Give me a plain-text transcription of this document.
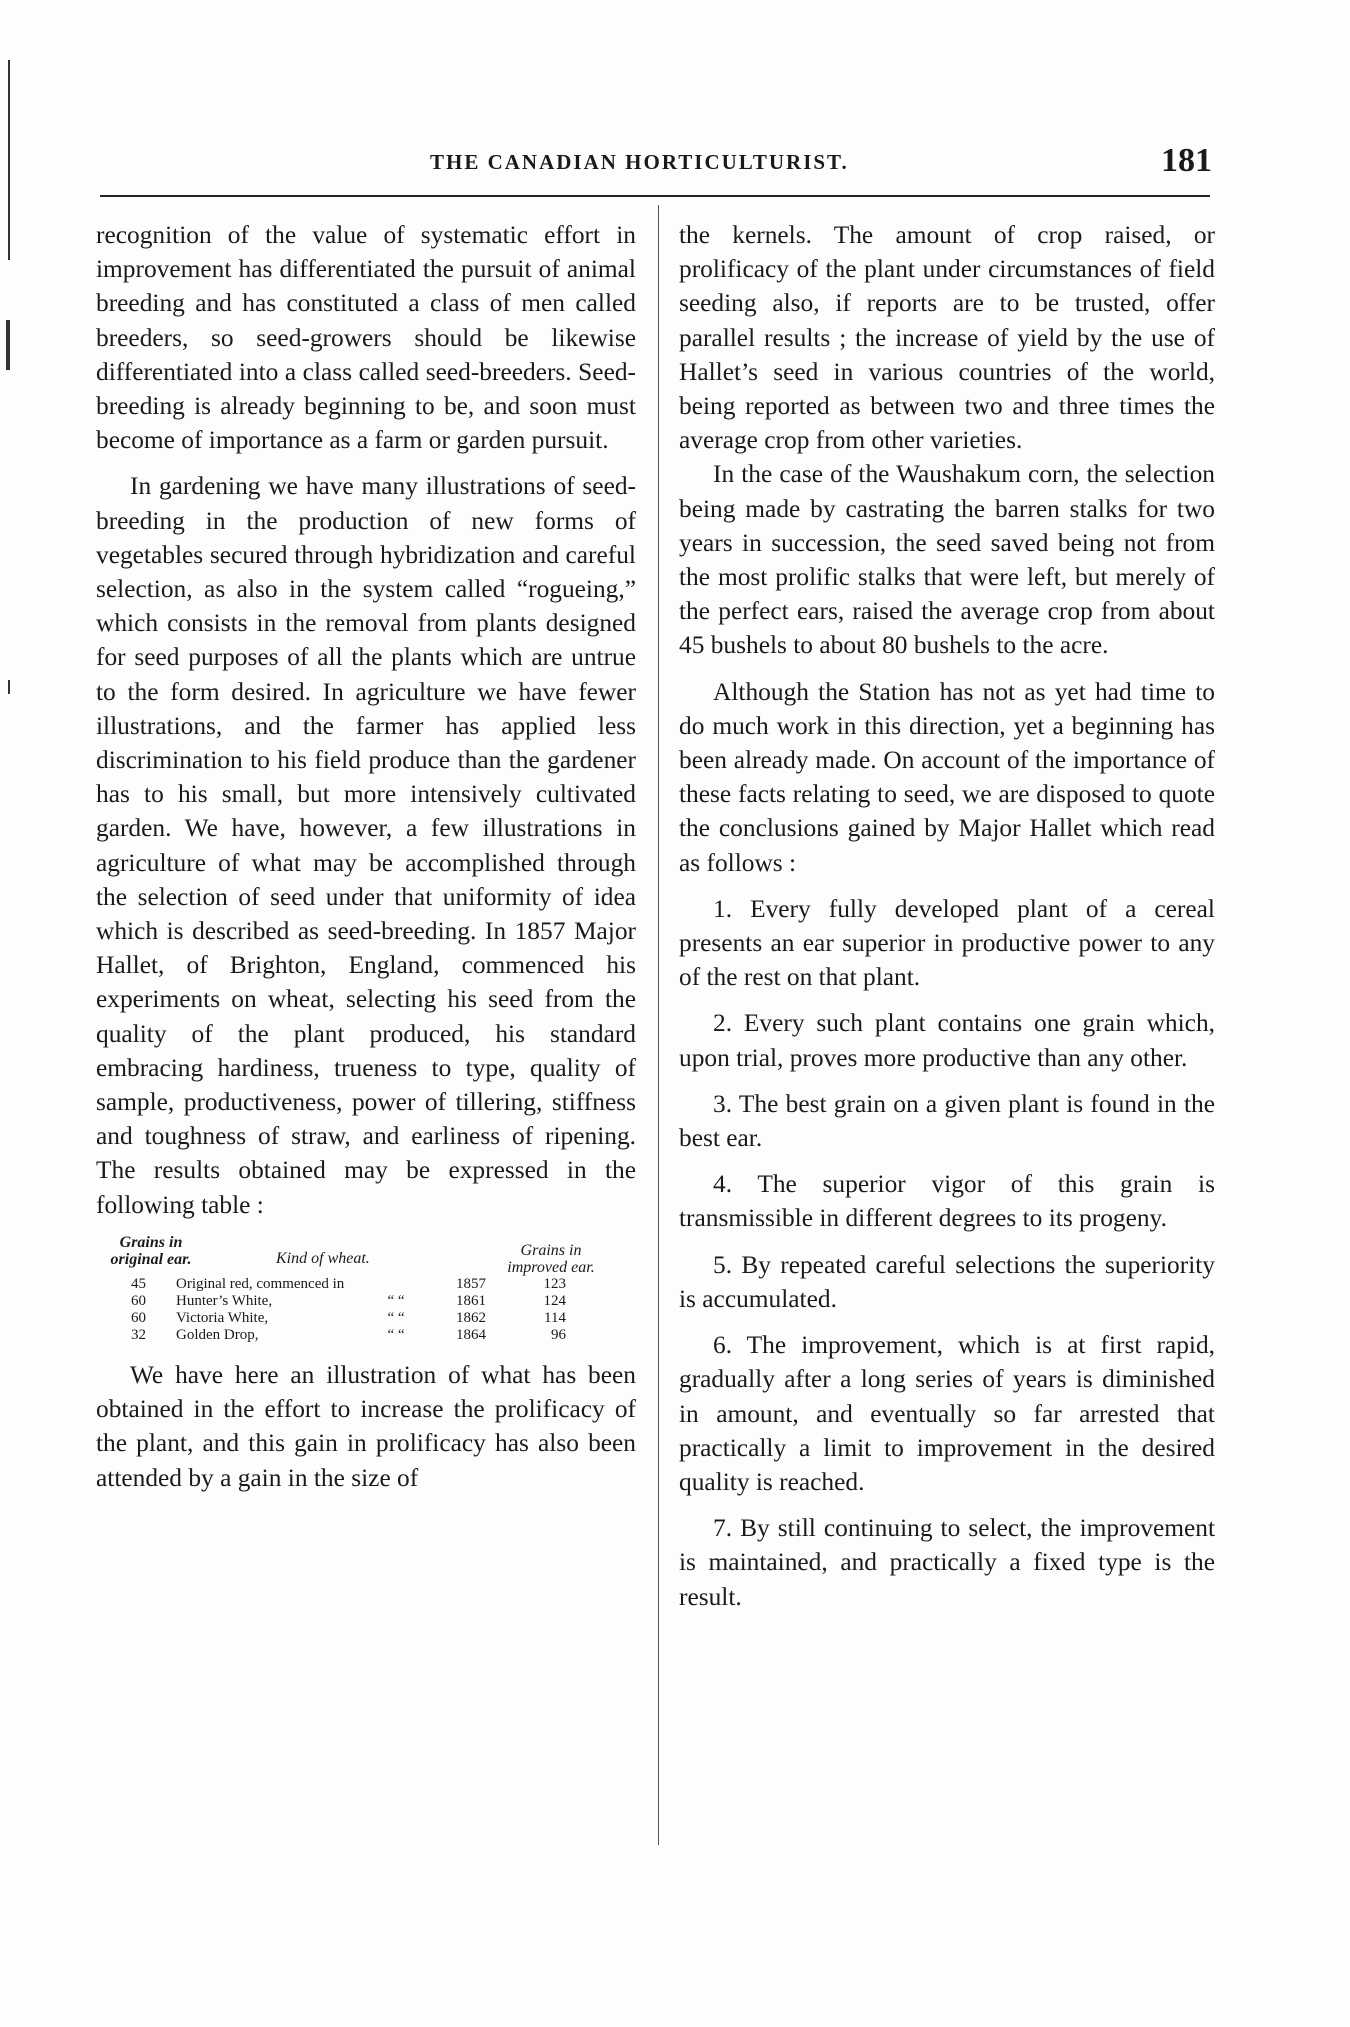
THE CANADIAN HORTICULTURIST.	181

recognition of the value of systematic effort in improvement has differentiated the pursuit of animal breeding and has constituted a class of men called breeders, so seed-growers should be likewise differentiated into a class called seed-breeders. Seed-breeding is already beginning to be, and soon must become of importance as a farm or garden pursuit.

In gardening we have many illustrations of seed-breeding in the production of new forms of vegetables secured through hybridization and careful selection, as also in the system called “rogueing,” which consists in the removal from plants designed for seed purposes of all the plants which are untrue to the form desired. In agriculture we have fewer illustrations, and the farmer has applied less discrimination to his field produce than the gardener has to his small, but more intensively cultivated garden. We have, however, a few illustrations in agriculture of what may be accomplished through the selection of seed under that uniformity of idea which is described as seed-breeding. In 1857 Major Hallet, of Brighton, England, commenced his experiments on wheat, selecting his seed from the quality of the plant produced, his standard embracing hardiness, trueness to type, quality of sample, productiveness, power of tillering, stiffness and toughness of straw, and earliness of ripening. The results obtained may be expressed in the following table :

Grains in original ear.	Kind of wheat.	Grains in improved ear.
45 Original red, commenced in	1857	123
60 Hunter’s White,	“ “	1861	124
60 Victoria White,	“ “	1862	114
32 Golden Drop,	“ “	1864	96

We have here an illustration of what has been obtained in the effort to increase the prolificacy of the plant, and this gain in prolificacy has also been attended by a gain in the size of

the kernels. The amount of crop raised, or prolificacy of the plant under circumstances of field seeding also, if reports are to be trusted, offer parallel results ; the increase of yield by the use of Hallet’s seed in various countries of the world, being reported as between two and three times the average crop from other varieties.

In the case of the Waushakum corn, the selection being made by castrating the barren stalks for two years in succession, the seed saved being not from the most prolific stalks that were left, but merely of the perfect ears, raised the average crop from about 45 bushels to about 80 bushels to the acre.

Although the Station has not as yet had time to do much work in this direction, yet a beginning has been already made. On account of the importance of these facts relating to seed, we are disposed to quote the conclusions gained by Major Hallet which read as follows :

1. Every fully developed plant of a cereal presents an ear superior in productive power to any of the rest on that plant.

2. Every such plant contains one grain which, upon trial, proves more productive than any other.

3. The best grain on a given plant is found in the best ear.

4. The superior vigor of this grain is transmissible in different degrees to its progeny.

5. By repeated careful selections the superiority is accumulated.

6. The improvement, which is at first rapid, gradually after a long series of years is diminished in amount, and eventually so far arrested that practically a limit to improvement in the desired quality is reached.

7. By still continuing to select, the improvement is maintained, and practically a fixed type is the result.
